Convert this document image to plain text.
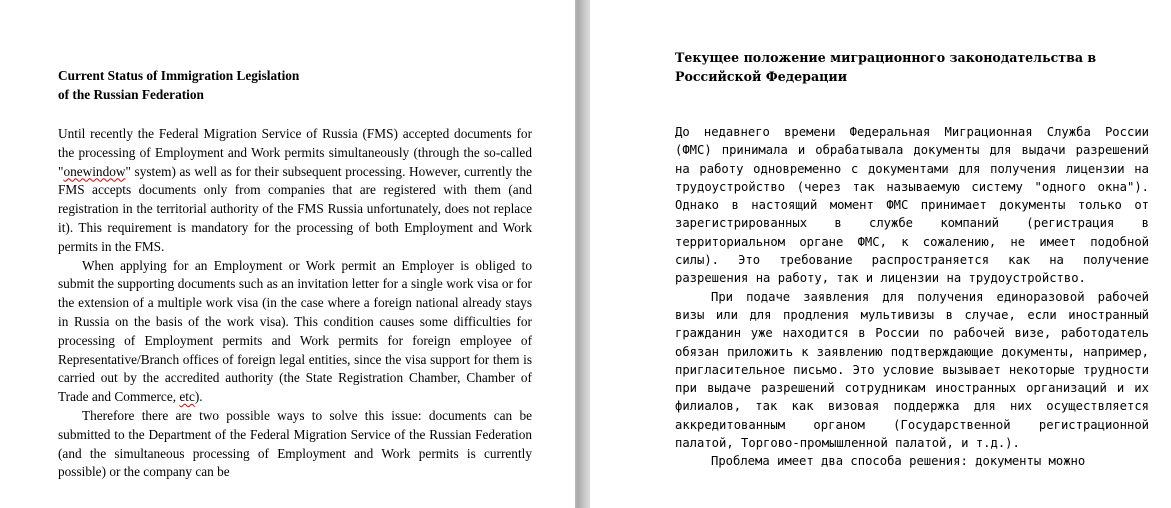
Current Status of Immigration Legislation
of the Russian Federation

Until recently the Federal Migration Service of Russia (FMS) accepted documents for the processing of Employment and Work permits simultaneously (through the so-called "onewindow" system) as well as for their subsequent processing. However, currently the FMS accepts documents only from companies that are registered with them (and registration in the territorial authority of the FMS Russia unfortunately, does not replace it). This requirement is mandatory for the processing of both Employment and Work permits in the FMS.

When applying for an Employment or Work permit an Employer is obliged to submit the supporting documents such as an invitation letter for a single work visa or for the extension of a multiple work visa (in the case where a foreign national already stays in Russia on the basis of the work visa). This condition causes some difficulties for processing of Employment permits and Work permits for foreign employee of Representative/Branch offices of foreign legal entities, since the visa support for them is carried out by the accredited authority (the State Registration Chamber, Chamber of Trade and Commerce, etc).

Therefore there are two possible ways to solve this issue: documents can be submitted to the Department of the Federal Migration Service of the Russian Federation (and the simultaneous processing of Employment and Work permits is currently possible) or the company can be

Текущее положение миграционного законодательства в
Российской Федерации

До недавнего времени Федеральная Миграционная Служба России (ФМС) принимала и обрабатывала документы для выдачи разрешений на работу одновременно с документами для получения лицензии на трудоустройство (через так называемую систему "одного окна"). Однако в настоящий момент ФМС принимает документы только от зарегистрированных в службе компаний (регистрация в территориальном органе ФМС, к сожалению, не имеет подобной силы). Это требование распространяется как на получение разрешения на работу, так и лицензии на трудоустройство.

При подаче заявления для получения единоразовой рабочей визы или для продления мультивизы в случае, если иностранный гражданин уже находится в России по рабочей визе, работодатель обязан приложить к заявлению подтверждающие документы, например, пригласительное письмо. Это условие вызывает некоторые трудности при выдаче разрешений сотрудникам иностранных организаций и их филиалов, так как визовая поддержка для них осуществляется аккредитованным органом (Государственной регистрационной палатой, Торгово-промышленной палатой, и т.д.).

Проблема имеет два способа решения: документы можно
